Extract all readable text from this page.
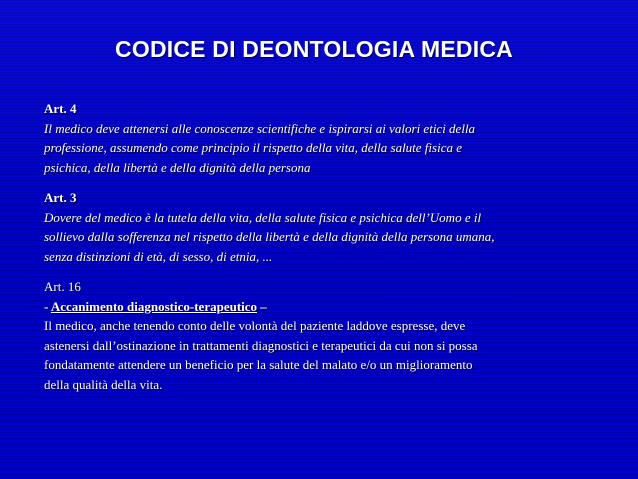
CODICE DI DEONTOLOGIA MEDICA
Art. 4
Il medico deve attenersi alle conoscenze scientifiche e ispirarsi ai valori etici della
professione, assumendo come principio il rispetto della vita, della salute fisica e
psichica, della libertà e della dignità della persona
Art. 3
Dovere del medico è la tutela della vita, della salute fisica e psichica dell’Uomo e il
sollievo dalla sofferenza nel rispetto della libertà e della dignità della persona umana,
senza distinzioni di età, di sesso, di etnia, ...
Art. 16
- Accanimento diagnostico-terapeutico –
Il medico, anche tenendo conto delle volontà del paziente laddove espresse, deve
astenersi dall’ostinazione in trattamenti diagnostici e terapeutici da cui non si possa
fondatamente attendere un beneficio per la salute del malato e/o un miglioramento
della qualità della vita.
